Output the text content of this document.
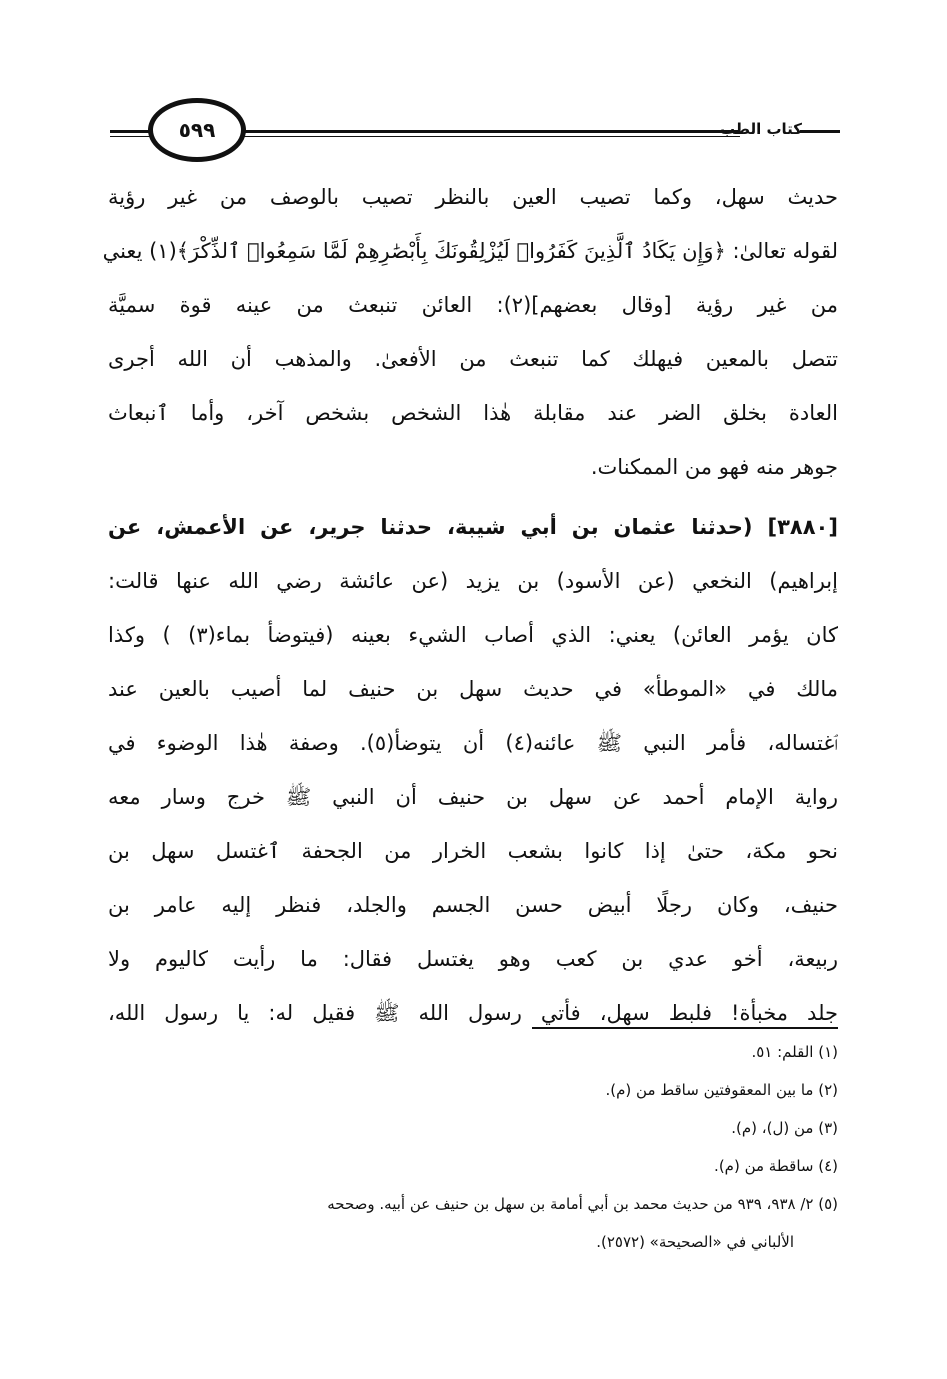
٥٩٩	كتاب الطب
حديث سهل، وكما تصيب العين بالنظر تصيب بالوصف من غير رؤية
لقوله تعالىٰ: ﴿وَإِن يَكَادُ ٱلَّذِينَ كَفَرُوا۟ لَيُزْلِقُونَكَ بِأَبْصَٰرِهِمْ لَمَّا سَمِعُوا۟ ٱلذِّكْرَ﴾(١) يعني
من غير رؤية [وقال بعضهم](٢): العائن تنبعث من عينه قوة سميَّة
تتصل بالمعين فيهلك كما تنبعث من الأفعىٰ. والمذهب أن الله أجرى
العادة بخلق الضر عند مقابلة هٰذا الشخص بشخص آخر، وأما ٱنبعاث
جوهر منه فهو من الممكنات.
[٣٨٨٠] (حدثنا عثمان بن أبي شيبة، حدثنا جرير، عن الأعمش، عن
إبراهيم) النخعي (عن الأسود) بن يزيد (عن عائشة رضي الله عنها قالت:
كان يؤمر العائن) يعني: الذي أصاب الشيء بعينه (فيتوضأ بماء(٣) ) وكذا
مالك في «الموطأ» في حديث سهل بن حنيف لما أصيب بالعين عند
ٱغتساله، فأمر النبي ﷺ عائنه(٤) أن يتوضأ(٥). وصفة هٰذا الوضوء في
رواية الإمام أحمد عن سهل بن حنيف أن النبي ﷺ خرج وسار معه
نحو مكة، حتىٰ إذا كانوا بشعب الخرار من الجحفة ٱغتسل سهل بن
حنيف، وكان رجلًا أبيض حسن الجسم والجلد، فنظر إليه عامر بن
ربيعة، أخو عدي بن كعب وهو يغتسل فقال: ما رأيت كاليوم ولا
جلد مخبأة! فلبط سهل، فأتي رسول الله ﷺ فقيل له: يا رسول الله،
(١) القلم: ٥١.
(٢) ما بين المعقوفتين ساقط من (م).
(٣) من (ل)، (م).
(٤) ساقطة من (م).
(٥) ٢/ ٩٣٨، ٩٣٩ من حديث محمد بن أبي أمامة بن سهل بن حنيف عن أبيه. وصححه
الألباني في «الصحيحة» (٢٥٧٢).
